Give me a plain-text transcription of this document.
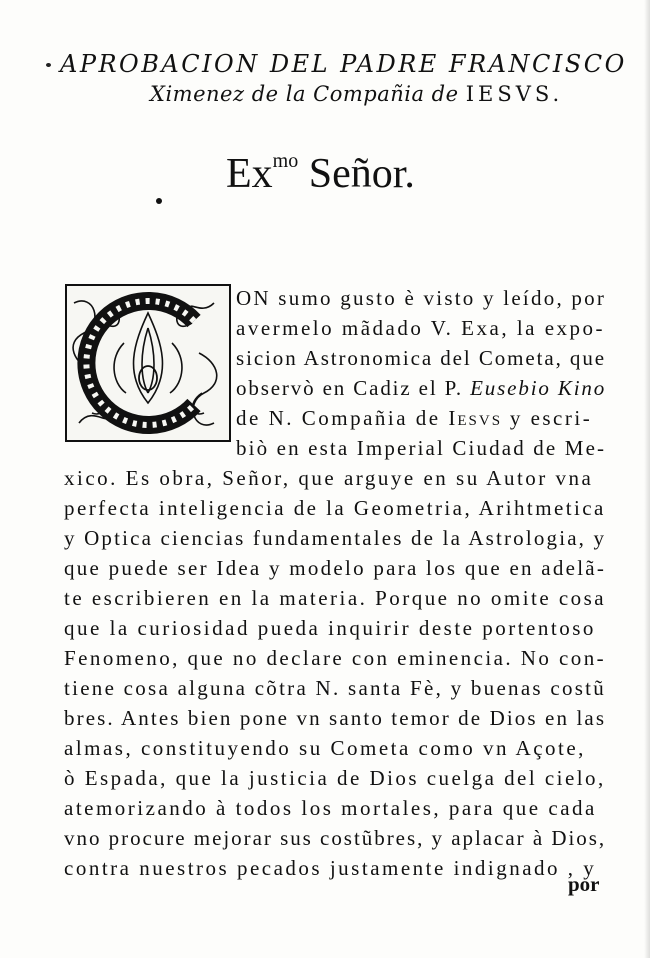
APROBACION DEL PADRE FRANCISCO
Ximenez de la Compañia de IESVS.
$Ex^{mo}$ Señor.
ON sumo gusto è visto y leído, por
avermelo mãdado V. Exa, la expo-
sicion Astronomica del Cometa, que
observò en Cadiz el P. Eusebio Kino
de N. Compañia de Iesvs y escri-
biò en esta Imperial Ciudad de Me-
xico. Es obra, Señor, que arguye en su Autor vna
perfecta inteligencia de la Geometria, Arihtmetica
y Optica ciencias fundamentales de la Astrologia, y
que puede ser Idea y modelo para los que en adelã-
te escribieren en la materia. Porque no omite cosa
que la curiosidad pueda inquirir deste portentoso
Fenomeno, que no declare con eminencia. No con-
tiene cosa alguna cõtra N. santa Fè, y buenas costũ
bres. Antes bien pone vn santo temor de Dios en las
almas, constituyendo su Cometa como vn Açote,
ò Espada, que la justicia de Dios cuelga del cielo,
atemorizando à todos los mortales, para que cada
vno procure mejorar sus costũbres, y aplacar à Dios,
contra nuestros pecados justamente indignado , y
por
